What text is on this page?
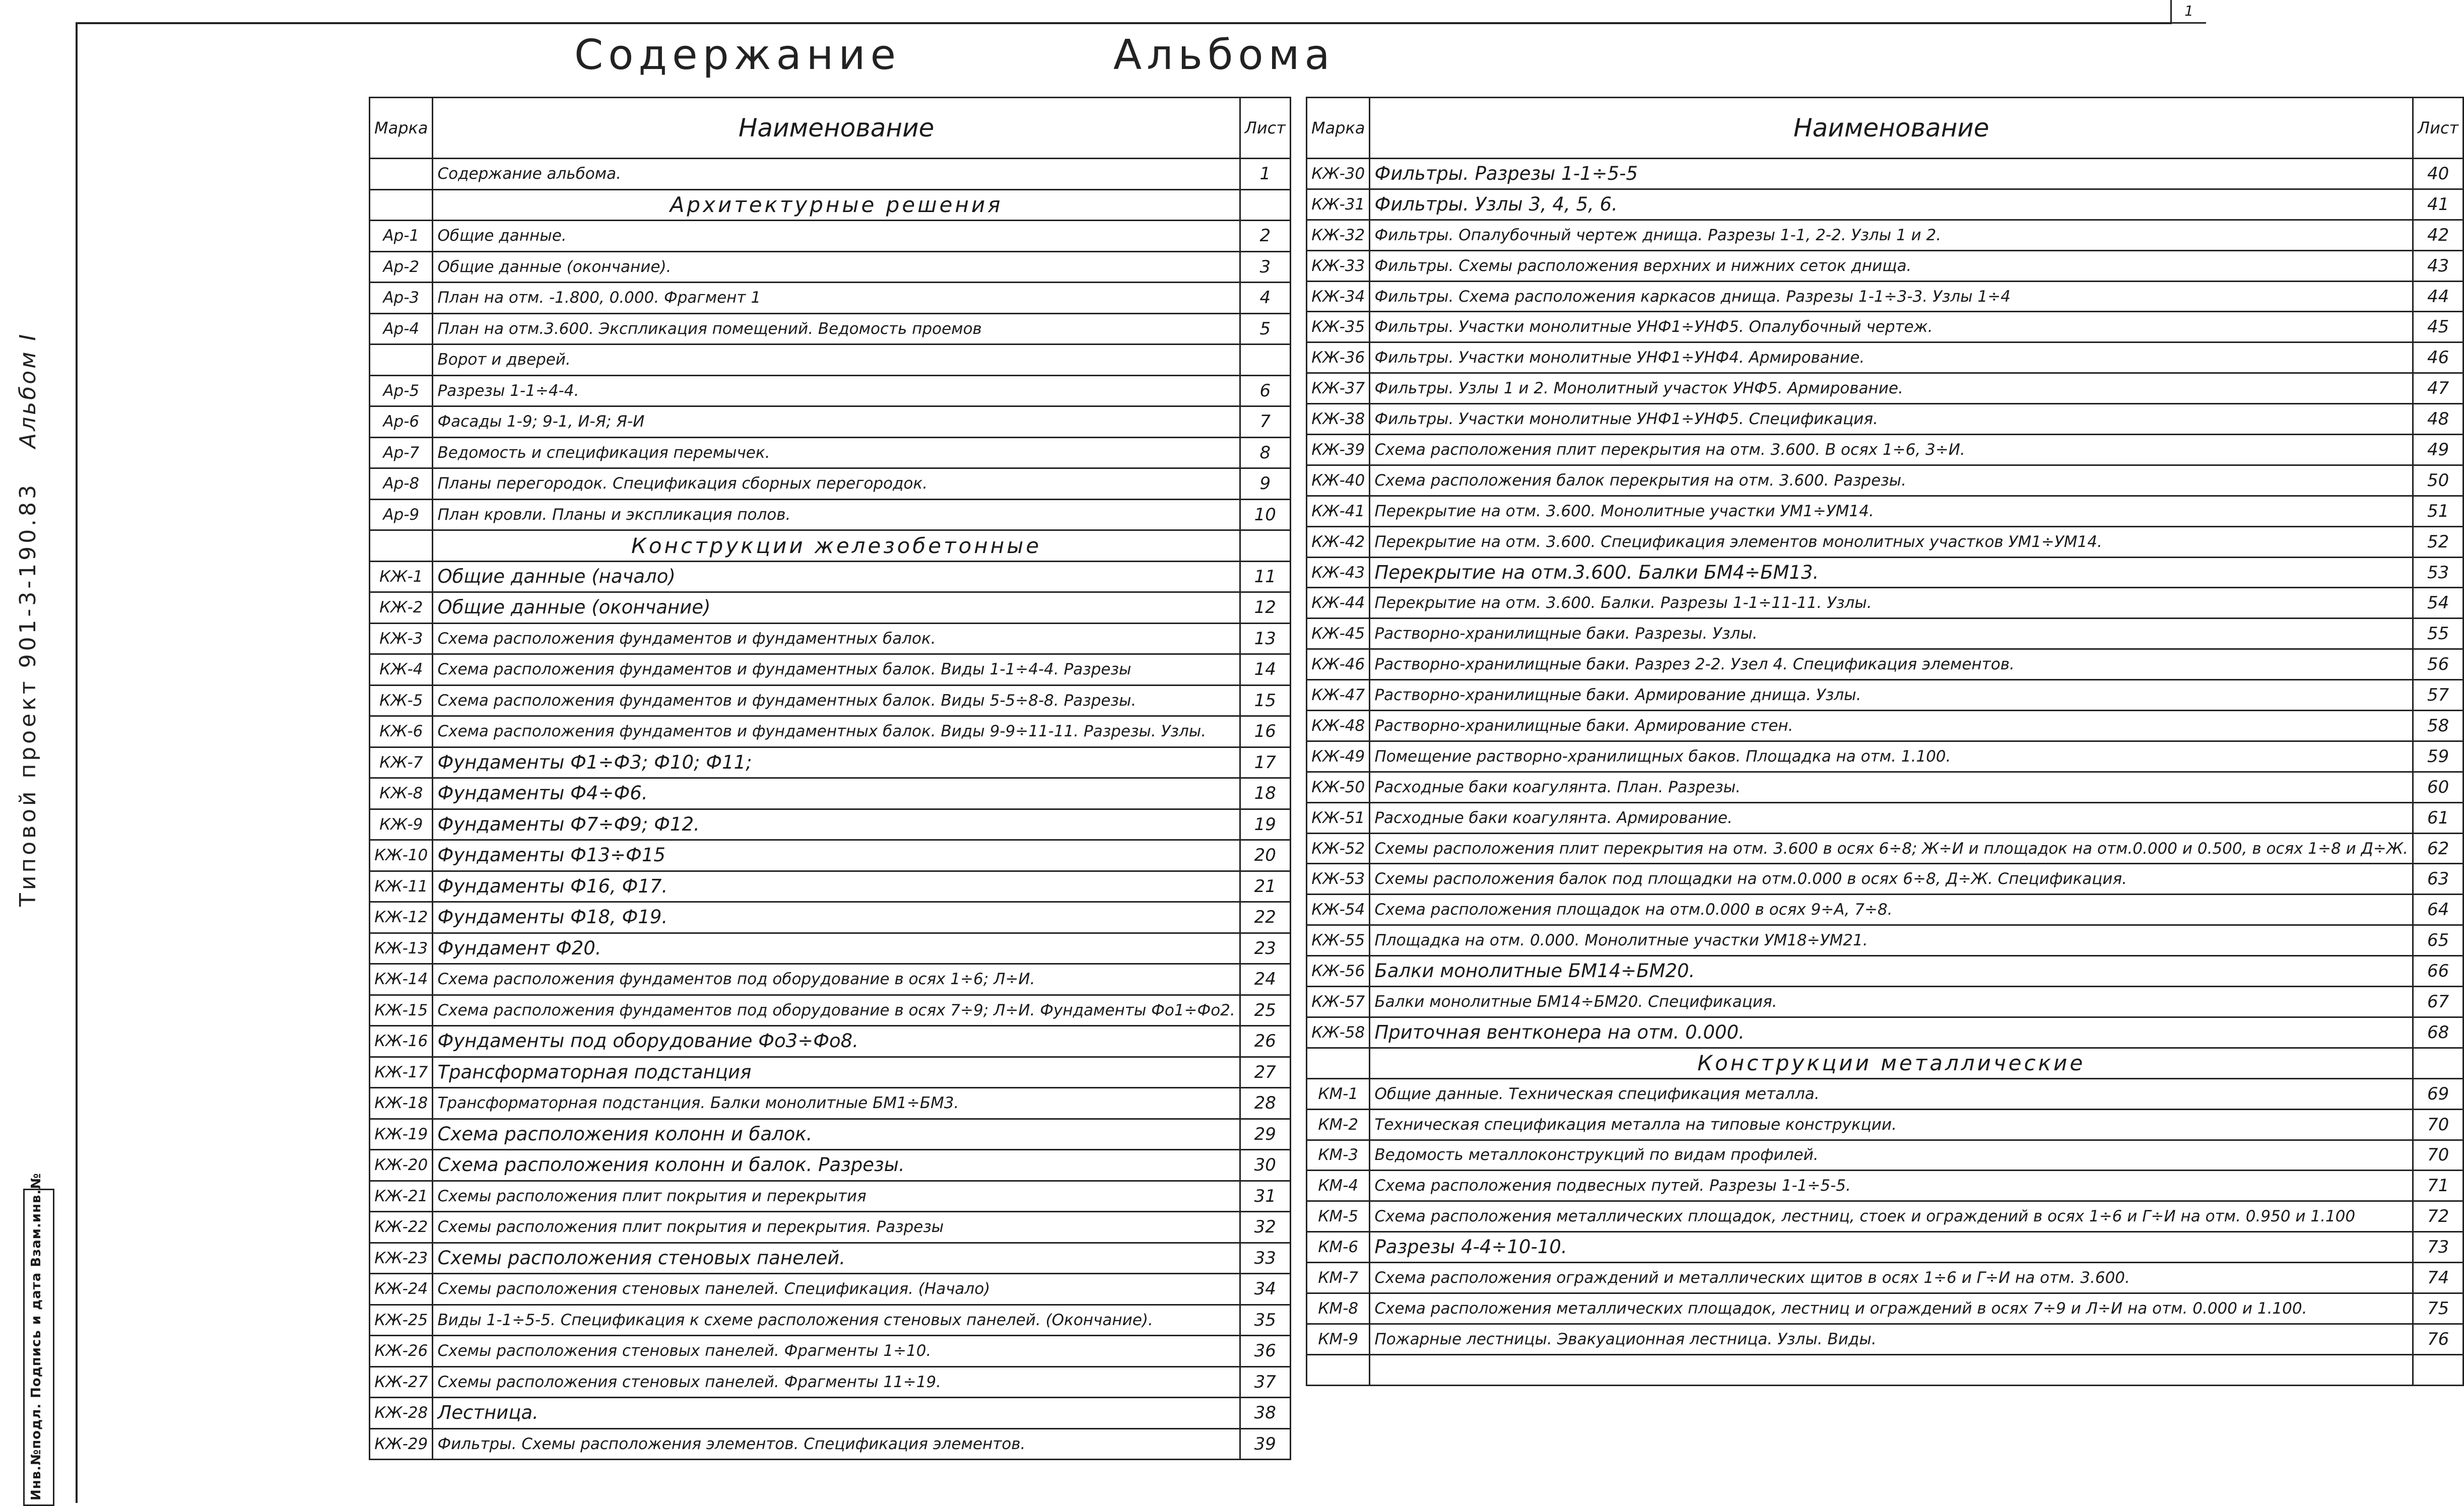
1
Альбом I
Типовой проект 901-3-190.83
Инв.№подл. Подпись и дата Взам.инв.№
Содержание	Альбома
Марка	Наименование	Лист
	Содержание альбома.	1
	Архитектурные решения	
Ар-1	Общие данные.	2
Ар-2	Общие данные (окончание).	3
Ар-3	План на отм. -1.800, 0.000. Фрагмент 1	4
Ар-4	План на отм.3.600. Экспликация помещений. Ведомость проемов	5
	Ворот и дверей.	
Ар-5	Разрезы 1-1÷4-4.	6
Ар-6	Фасады 1-9; 9-1, И-Я; Я-И	7
Ар-7	Ведомость и спецификация перемычек.	8
Ар-8	Планы перегородок. Спецификация сборных перегородок.	9
Ар-9	План кровли. Планы и экспликация полов.	10
	Конструкции железобетонные	
КЖ-1	Общие данные (начало)	11
КЖ-2	Общие данные (окончание)	12
КЖ-3	Схема расположения фундаментов и фундаментных балок.	13
КЖ-4	Схема расположения фундаментов и фундаментных балок. Виды 1-1÷4-4. Разрезы	14
КЖ-5	Схема расположения фундаментов и фундаментных балок. Виды 5-5÷8-8. Разрезы.	15
КЖ-6	Схема расположения фундаментов и фундаментных балок. Виды 9-9÷11-11. Разрезы. Узлы.	16
КЖ-7	Фундаменты Ф1÷Ф3; Ф10; Ф11;	17
КЖ-8	Фундаменты Ф4÷Ф6.	18
КЖ-9	Фундаменты Ф7÷Ф9; Ф12.	19
КЖ-10	Фундаменты Ф13÷Ф15	20
КЖ-11	Фундаменты Ф16, Ф17.	21
КЖ-12	Фундаменты Ф18, Ф19.	22
КЖ-13	Фундамент Ф20.	23
КЖ-14	Схема расположения фундаментов под оборудование в осях 1÷6; Л÷И.	24
КЖ-15	Схема расположения фундаментов под оборудование в осях 7÷9; Л÷И. Фундаменты Фо1÷Фо2.	25
КЖ-16	Фундаменты под оборудование Фо3÷Фо8.	26
КЖ-17	Трансформаторная подстанция	27
КЖ-18	Трансформаторная подстанция. Балки монолитные БМ1÷БМ3.	28
КЖ-19	Схема расположения колонн и балок.	29
КЖ-20	Схема расположения колонн и балок. Разрезы.	30
КЖ-21	Схемы расположения плит покрытия и перекрытия	31
КЖ-22	Схемы расположения плит покрытия и перекрытия. Разрезы	32
КЖ-23	Схемы расположения стеновых панелей.	33
КЖ-24	Схемы расположения стеновых панелей. Спецификация. (Начало)	34
КЖ-25	Виды 1-1÷5-5. Спецификация к схеме расположения стеновых панелей. (Окончание).	35
КЖ-26	Схемы расположения стеновых панелей. Фрагменты 1÷10.	36
КЖ-27	Схемы расположения стеновых панелей. Фрагменты 11÷19.	37
КЖ-28	Лестница.	38
КЖ-29	Фильтры. Схемы расположения элементов. Спецификация элементов.	39
Марка	Наименование	Лист
КЖ-30	Фильтры. Разрезы 1-1÷5-5	40
КЖ-31	Фильтры. Узлы 3, 4, 5, 6.	41
КЖ-32	Фильтры. Опалубочный чертеж днища. Разрезы 1-1, 2-2. Узлы 1 и 2.	42
КЖ-33	Фильтры. Схемы расположения верхних и нижних сеток днища.	43
КЖ-34	Фильтры. Схема расположения каркасов днища. Разрезы 1-1÷3-3. Узлы 1÷4	44
КЖ-35	Фильтры. Участки монолитные УНФ1÷УНФ5. Опалубочный чертеж.	45
КЖ-36	Фильтры. Участки монолитные УНФ1÷УНФ4. Армирование.	46
КЖ-37	Фильтры. Узлы 1 и 2. Монолитный участок УНФ5. Армирование.	47
КЖ-38	Фильтры. Участки монолитные УНФ1÷УНФ5. Спецификация.	48
КЖ-39	Схема расположения плит перекрытия на отм. 3.600. В осях 1÷6, 3÷И.	49
КЖ-40	Схема расположения балок перекрытия на отм. 3.600. Разрезы.	50
КЖ-41	Перекрытие на отм. 3.600. Монолитные участки УМ1÷УМ14.	51
КЖ-42	Перекрытие на отм. 3.600. Спецификация элементов монолитных участков УМ1÷УМ14.	52
КЖ-43	Перекрытие на отм.3.600. Балки БМ4÷БМ13.	53
КЖ-44	Перекрытие на отм. 3.600. Балки. Разрезы 1-1÷11-11. Узлы.	54
КЖ-45	Растворно-хранилищные баки. Разрезы. Узлы.	55
КЖ-46	Растворно-хранилищные баки. Разрез 2-2. Узел 4. Спецификация элементов.	56
КЖ-47	Растворно-хранилищные баки. Армирование днища. Узлы.	57
КЖ-48	Растворно-хранилищные баки. Армирование стен.	58
КЖ-49	Помещение растворно-хранилищных баков. Площадка на отм. 1.100.	59
КЖ-50	Расходные баки коагулянта. План. Разрезы.	60
КЖ-51	Расходные баки коагулянта. Армирование.	61
КЖ-52	Схемы расположения плит перекрытия на отм. 3.600 в осях 6÷8; Ж÷И и площадок на отм.0.000 и 0.500, в осях 1÷8 и Д÷Ж.	62
КЖ-53	Схемы расположения балок под площадки на отм.0.000 в осях 6÷8, Д÷Ж. Спецификация.	63
КЖ-54	Схема расположения площадок на отм.0.000 в осях 9÷А, 7÷8.	64
КЖ-55	Площадка на отм. 0.000. Монолитные участки УМ18÷УМ21.	65
КЖ-56	Балки монолитные БМ14÷БМ20.	66
КЖ-57	Балки монолитные БМ14÷БМ20. Спецификация.	67
КЖ-58	Приточная вентконера на отм. 0.000.	68
	Конструкции металлические	
КМ-1	Общие данные. Техническая спецификация металла.	69
КМ-2	Техническая спецификация металла на типовые конструкции.	70
КМ-3	Ведомость металлоконструкций по видам профилей.	70
КМ-4	Схема расположения подвесных путей. Разрезы 1-1÷5-5.	71
КМ-5	Схема расположения металлических площадок, лестниц, стоек и ограждений в осях 1÷6 и Г÷И на отм. 0.950 и 1.100	72
КМ-6	Разрезы 4-4÷10-10.	73
КМ-7	Схема расположения ограждений и металлических щитов в осях 1÷6 и Г÷И на отм. 3.600.	74
КМ-8	Схема расположения металлических площадок, лестниц и ограждений в осях 7÷9 и Л÷И на отм. 0.000 и 1.100.	75
КМ-9	Пожарные лестницы. Эвакуационная лестница. Узлы. Виды.	76
